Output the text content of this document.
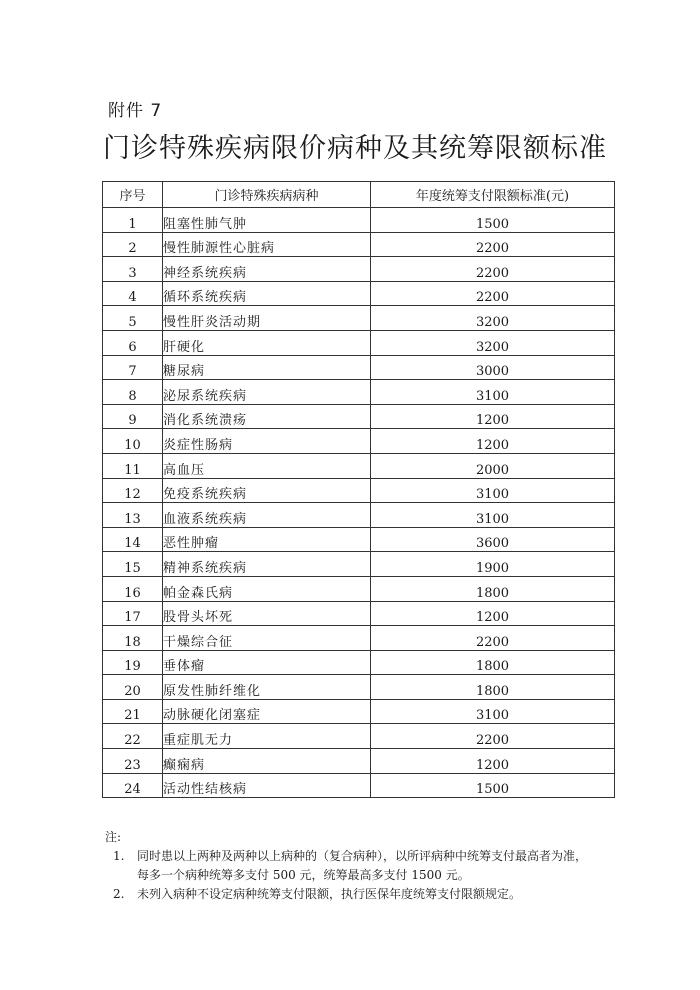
附件 7
门诊特殊疾病限价病种及其统筹限额标准
序号	门诊特殊疾病病种	年度统筹支付限额标准(元)
1	阻塞性肺气肿	1500
2	慢性肺源性心脏病	2200
3	神经系统疾病	2200
4	循环系统疾病	2200
5	慢性肝炎活动期	3200
6	肝硬化	3200
7	糖尿病	3000
8	泌尿系统疾病	3100
9	消化系统溃疡	1200
10	炎症性肠病	1200
11	高血压	2000
12	免疫系统疾病	3100
13	血液系统疾病	3100
14	恶性肿瘤	3600
15	精神系统疾病	1900
16	帕金森氏病	1800
17	股骨头坏死	1200
18	干燥综合征	2200
19	垂体瘤	1800
20	原发性肺纤维化	1800
21	动脉硬化闭塞症	3100
22	重症肌无力	2200
23	癫痫病	1200
24	活动性结核病	1500

注:

1. 同时患以上两种及两种以上病种的（复合病种），以所评病种中统筹支付最高者为准，
每多一个病种统筹多支付 500 元，统筹最高多支付 1500 元。

2. 未列入病种不设定病种统筹支付限额，执行医保年度统筹支付限额规定。
